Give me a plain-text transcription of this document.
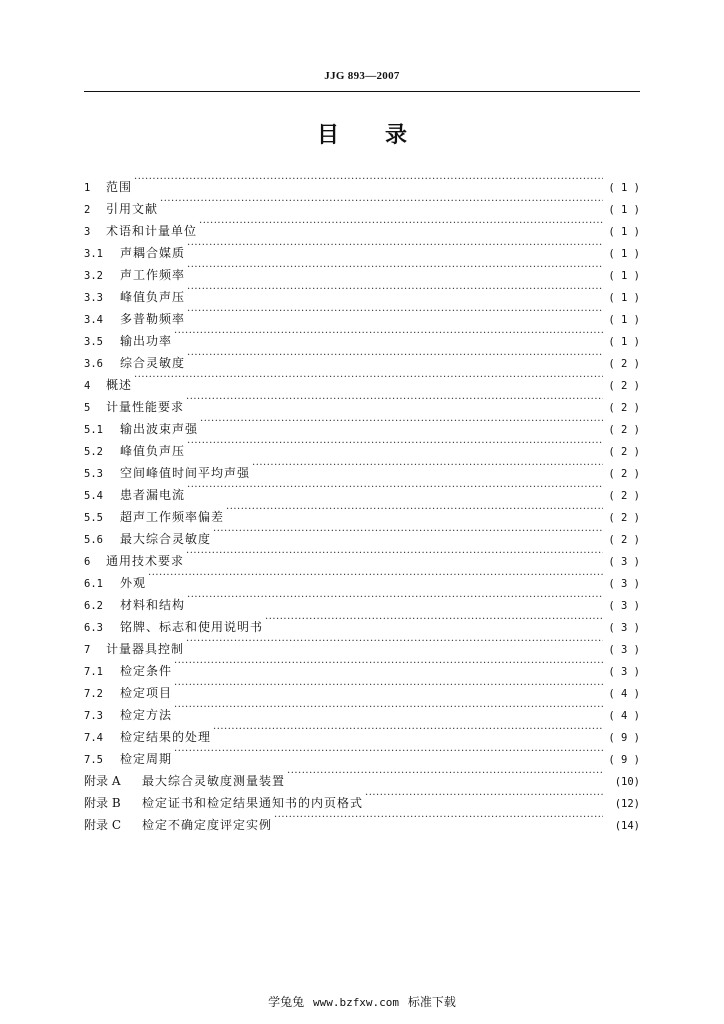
JJG 893—2007
目录
1	范围 ·····	( 1 )
2	引用文献 ·····	( 1 )
3	术语和计量单位 ·····	( 1 )
3.1	声耦合媒质 ·····	( 1 )
3.2	声工作频率 ·····	( 1 )
3.3	峰值负声压 ·····	( 1 )
3.4	多普勒频率 ·····	( 1 )
3.5	输出功率 ·····	( 1 )
3.6	综合灵敏度 ·····	( 2 )
4	概述 ·····	( 2 )
5	计量性能要求 ·····	( 2 )
5.1	输出波束声强 ·····	( 2 )
5.2	峰值负声压 ·····	( 2 )
5.3	空间峰值时间平均声强 ·····	( 2 )
5.4	患者漏电流 ·····	( 2 )
5.5	超声工作频率偏差 ·····	( 2 )
5.6	最大综合灵敏度 ·····	( 2 )
6	通用技术要求 ·····	( 3 )
6.1	外观 ·····	( 3 )
6.2	材料和结构 ·····	( 3 )
6.3	铭牌、标志和使用说明书 ·····	( 3 )
7	计量器具控制 ·····	( 3 )
7.1	检定条件 ·····	( 3 )
7.2	检定项目 ·····	( 4 )
7.3	检定方法 ·····	( 4 )
7.4	检定结果的处理 ·····	( 9 )
7.5	检定周期 ·····	( 9 )
附录 A	最大综合灵敏度测量装置 ·····	(10)
附录 B	检定证书和检定结果通知书的内页格式 ·····	(12)
附录 C	检定不确定度评定实例 ·····	(14)
学兔兔 www.bzfxw.com 标准下载
